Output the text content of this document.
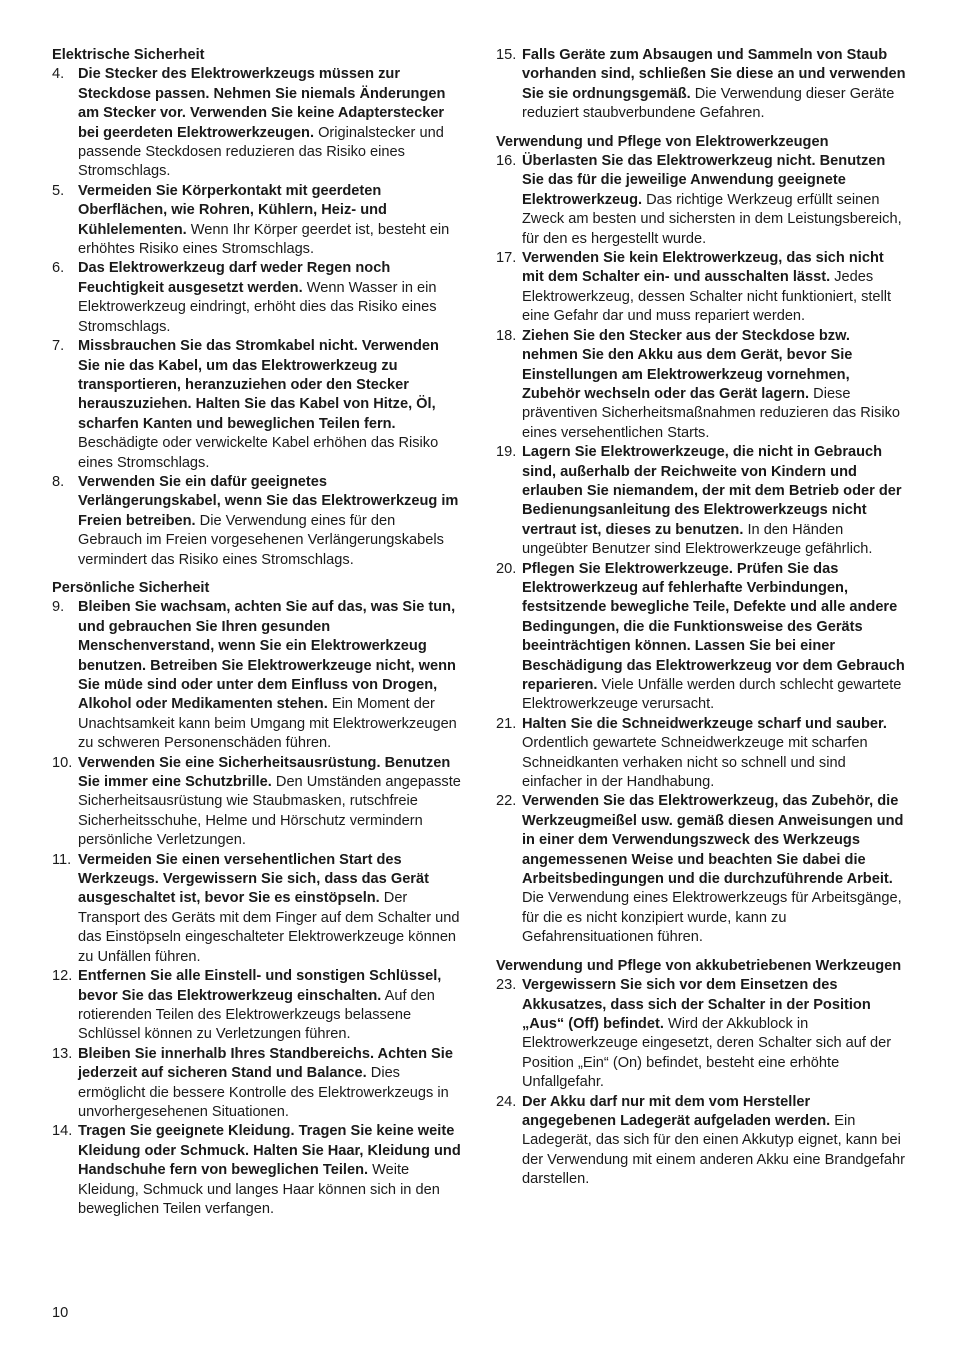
Elektrische Sicherheit

4. Die Stecker des Elektrowerkzeugs müssen zur Steckdose passen. Nehmen Sie niemals Änderungen am Stecker vor. Verwenden Sie keine Adapterstecker bei geerdeten Elektrowerkzeugen. Originalstecker und passende Steckdosen reduzieren das Risiko eines Stromschlags.

5. Vermeiden Sie Körperkontakt mit geerdeten Oberflächen, wie Rohren, Kühlern, Heiz- und Kühlelementen. Wenn Ihr Körper geerdet ist, besteht ein erhöhtes Risiko eines Stromschlags.

6. Das Elektrowerkzeug darf weder Regen noch Feuchtigkeit ausgesetzt werden. Wenn Wasser in ein Elektrowerkzeug eindringt, erhöht dies das Risiko eines Stromschlags.

7. Missbrauchen Sie das Stromkabel nicht. Verwenden Sie nie das Kabel, um das Elektrowerkzeug zu transportieren, heranzuziehen oder den Stecker herauszuziehen. Halten Sie das Kabel von Hitze, Öl, scharfen Kanten und beweglichen Teilen fern. Beschädigte oder verwickelte Kabel erhöhen das Risiko eines Stromschlags.

8. Verwenden Sie ein dafür geeignetes Verlängerungskabel, wenn Sie das Elektrowerkzeug im Freien betreiben. Die Verwendung eines für den Gebrauch im Freien vorgesehenen Verlängerungskabels vermindert das Risiko eines Stromschlags.

Persönliche Sicherheit

9. Bleiben Sie wachsam, achten Sie auf das, was Sie tun, und gebrauchen Sie Ihren gesunden Menschenverstand, wenn Sie ein Elektrowerkzeug benutzen. Betreiben Sie Elektrowerkzeuge nicht, wenn Sie müde sind oder unter dem Einfluss von Drogen, Alkohol oder Medikamenten stehen. Ein Moment der Unachtsamkeit kann beim Umgang mit Elektrowerkzeugen zu schweren Personenschäden führen.

10. Verwenden Sie eine Sicherheitsausrüstung. Benutzen Sie immer eine Schutzbrille. Den Umständen angepasste Sicherheitsausrüstung wie Staubmasken, rutschfreie Sicherheitsschuhe, Helme und Hörschutz vermindern persönliche Verletzungen.

11. Vermeiden Sie einen versehentlichen Start des Werkzeugs. Vergewissern Sie sich, dass das Gerät ausgeschaltet ist, bevor Sie es einstöpseln. Der Transport des Geräts mit dem Finger auf dem Schalter und das Einstöpseln eingeschalteter Elektrowerkzeuge können zu Unfällen führen.

12. Entfernen Sie alle Einstell- und sonstigen Schlüssel, bevor Sie das Elektrowerkzeug einschalten. Auf den rotierenden Teilen des Elektrowerkzeugs belassene Schlüssel können zu Verletzungen führen.

13. Bleiben Sie innerhalb Ihres Standbereichs. Achten Sie jederzeit auf sicheren Stand und Balance. Dies ermöglicht die bessere Kontrolle des Elektrowerkzeugs in unvorhergesehenen Situationen.

14. Tragen Sie geeignete Kleidung. Tragen Sie keine weite Kleidung oder Schmuck. Halten Sie Haar, Kleidung und Handschuhe fern von beweglichen Teilen. Weite Kleidung, Schmuck und langes Haar können sich in den beweglichen Teilen verfangen.

15. Falls Geräte zum Absaugen und Sammeln von Staub vorhanden sind, schließen Sie diese an und verwenden Sie sie ordnungsgemäß. Die Verwendung dieser Geräte reduziert staubverbundene Gefahren.

Verwendung und Pflege von Elektrowerkzeugen

16. Überlasten Sie das Elektrowerkzeug nicht. Benutzen Sie das für die jeweilige Anwendung geeignete Elektrowerkzeug. Das richtige Werkzeug erfüllt seinen Zweck am besten und sichersten in dem Leistungsbereich, für den es hergestellt wurde.

17. Verwenden Sie kein Elektrowerkzeug, das sich nicht mit dem Schalter ein- und ausschalten lässt. Jedes Elektrowerkzeug, dessen Schalter nicht funktioniert, stellt eine Gefahr dar und muss repariert werden.

18. Ziehen Sie den Stecker aus der Steckdose bzw. nehmen Sie den Akku aus dem Gerät, bevor Sie Einstellungen am Elektrowerkzeug vornehmen, Zubehör wechseln oder das Gerät lagern. Diese präventiven Sicherheitsmaßnahmen reduzieren das Risiko eines versehentlichen Starts.

19. Lagern Sie Elektrowerkzeuge, die nicht in Gebrauch sind, außerhalb der Reichweite von Kindern und erlauben Sie niemandem, der mit dem Betrieb oder der Bedienungsanleitung des Elektrowerkzeugs nicht vertraut ist, dieses zu benutzen. In den Händen ungeübter Benutzer sind Elektrowerkzeuge gefährlich.

20. Pflegen Sie Elektrowerkzeuge. Prüfen Sie das Elektrowerkzeug auf fehlerhafte Verbindungen, festsitzende bewegliche Teile, Defekte und alle andere Bedingungen, die die Funktionsweise des Geräts beeinträchtigen können. Lassen Sie bei einer Beschädigung das Elektrowerkzeug vor dem Gebrauch reparieren. Viele Unfälle werden durch schlecht gewartete Elektrowerkzeuge verursacht.

21. Halten Sie die Schneidwerkzeuge scharf und sauber. Ordentlich gewartete Schneidwerkzeuge mit scharfen Schneidkanten verhaken nicht so schnell und sind einfacher in der Handhabung.

22. Verwenden Sie das Elektrowerkzeug, das Zubehör, die Werkzeugmeißel usw. gemäß diesen Anweisungen und in einer dem Verwendungszweck des Werkzeugs angemessenen Weise und beachten Sie dabei die Arbeitsbedingungen und die durchzuführende Arbeit. Die Verwendung eines Elektrowerkzeugs für Arbeitsgänge, für die es nicht konzipiert wurde, kann zu Gefahrensituationen führen.

Verwendung und Pflege von akkubetriebenen Werkzeugen

23. Vergewissern Sie sich vor dem Einsetzen des Akkusatzes, dass sich der Schalter in der Position „Aus“ (Off) befindet. Wird der Akkublock in Elektrowerkzeuge eingesetzt, deren Schalter sich auf der Position „Ein“ (On) befindet, besteht eine erhöhte Unfallgefahr.

24. Der Akku darf nur mit dem vom Hersteller angegebenen Ladegerät aufgeladen werden. Ein Ladegerät, das sich für den einen Akkutyp eignet, kann bei der Verwendung mit einem anderen Akku eine Brandgefahr darstellen.

10
